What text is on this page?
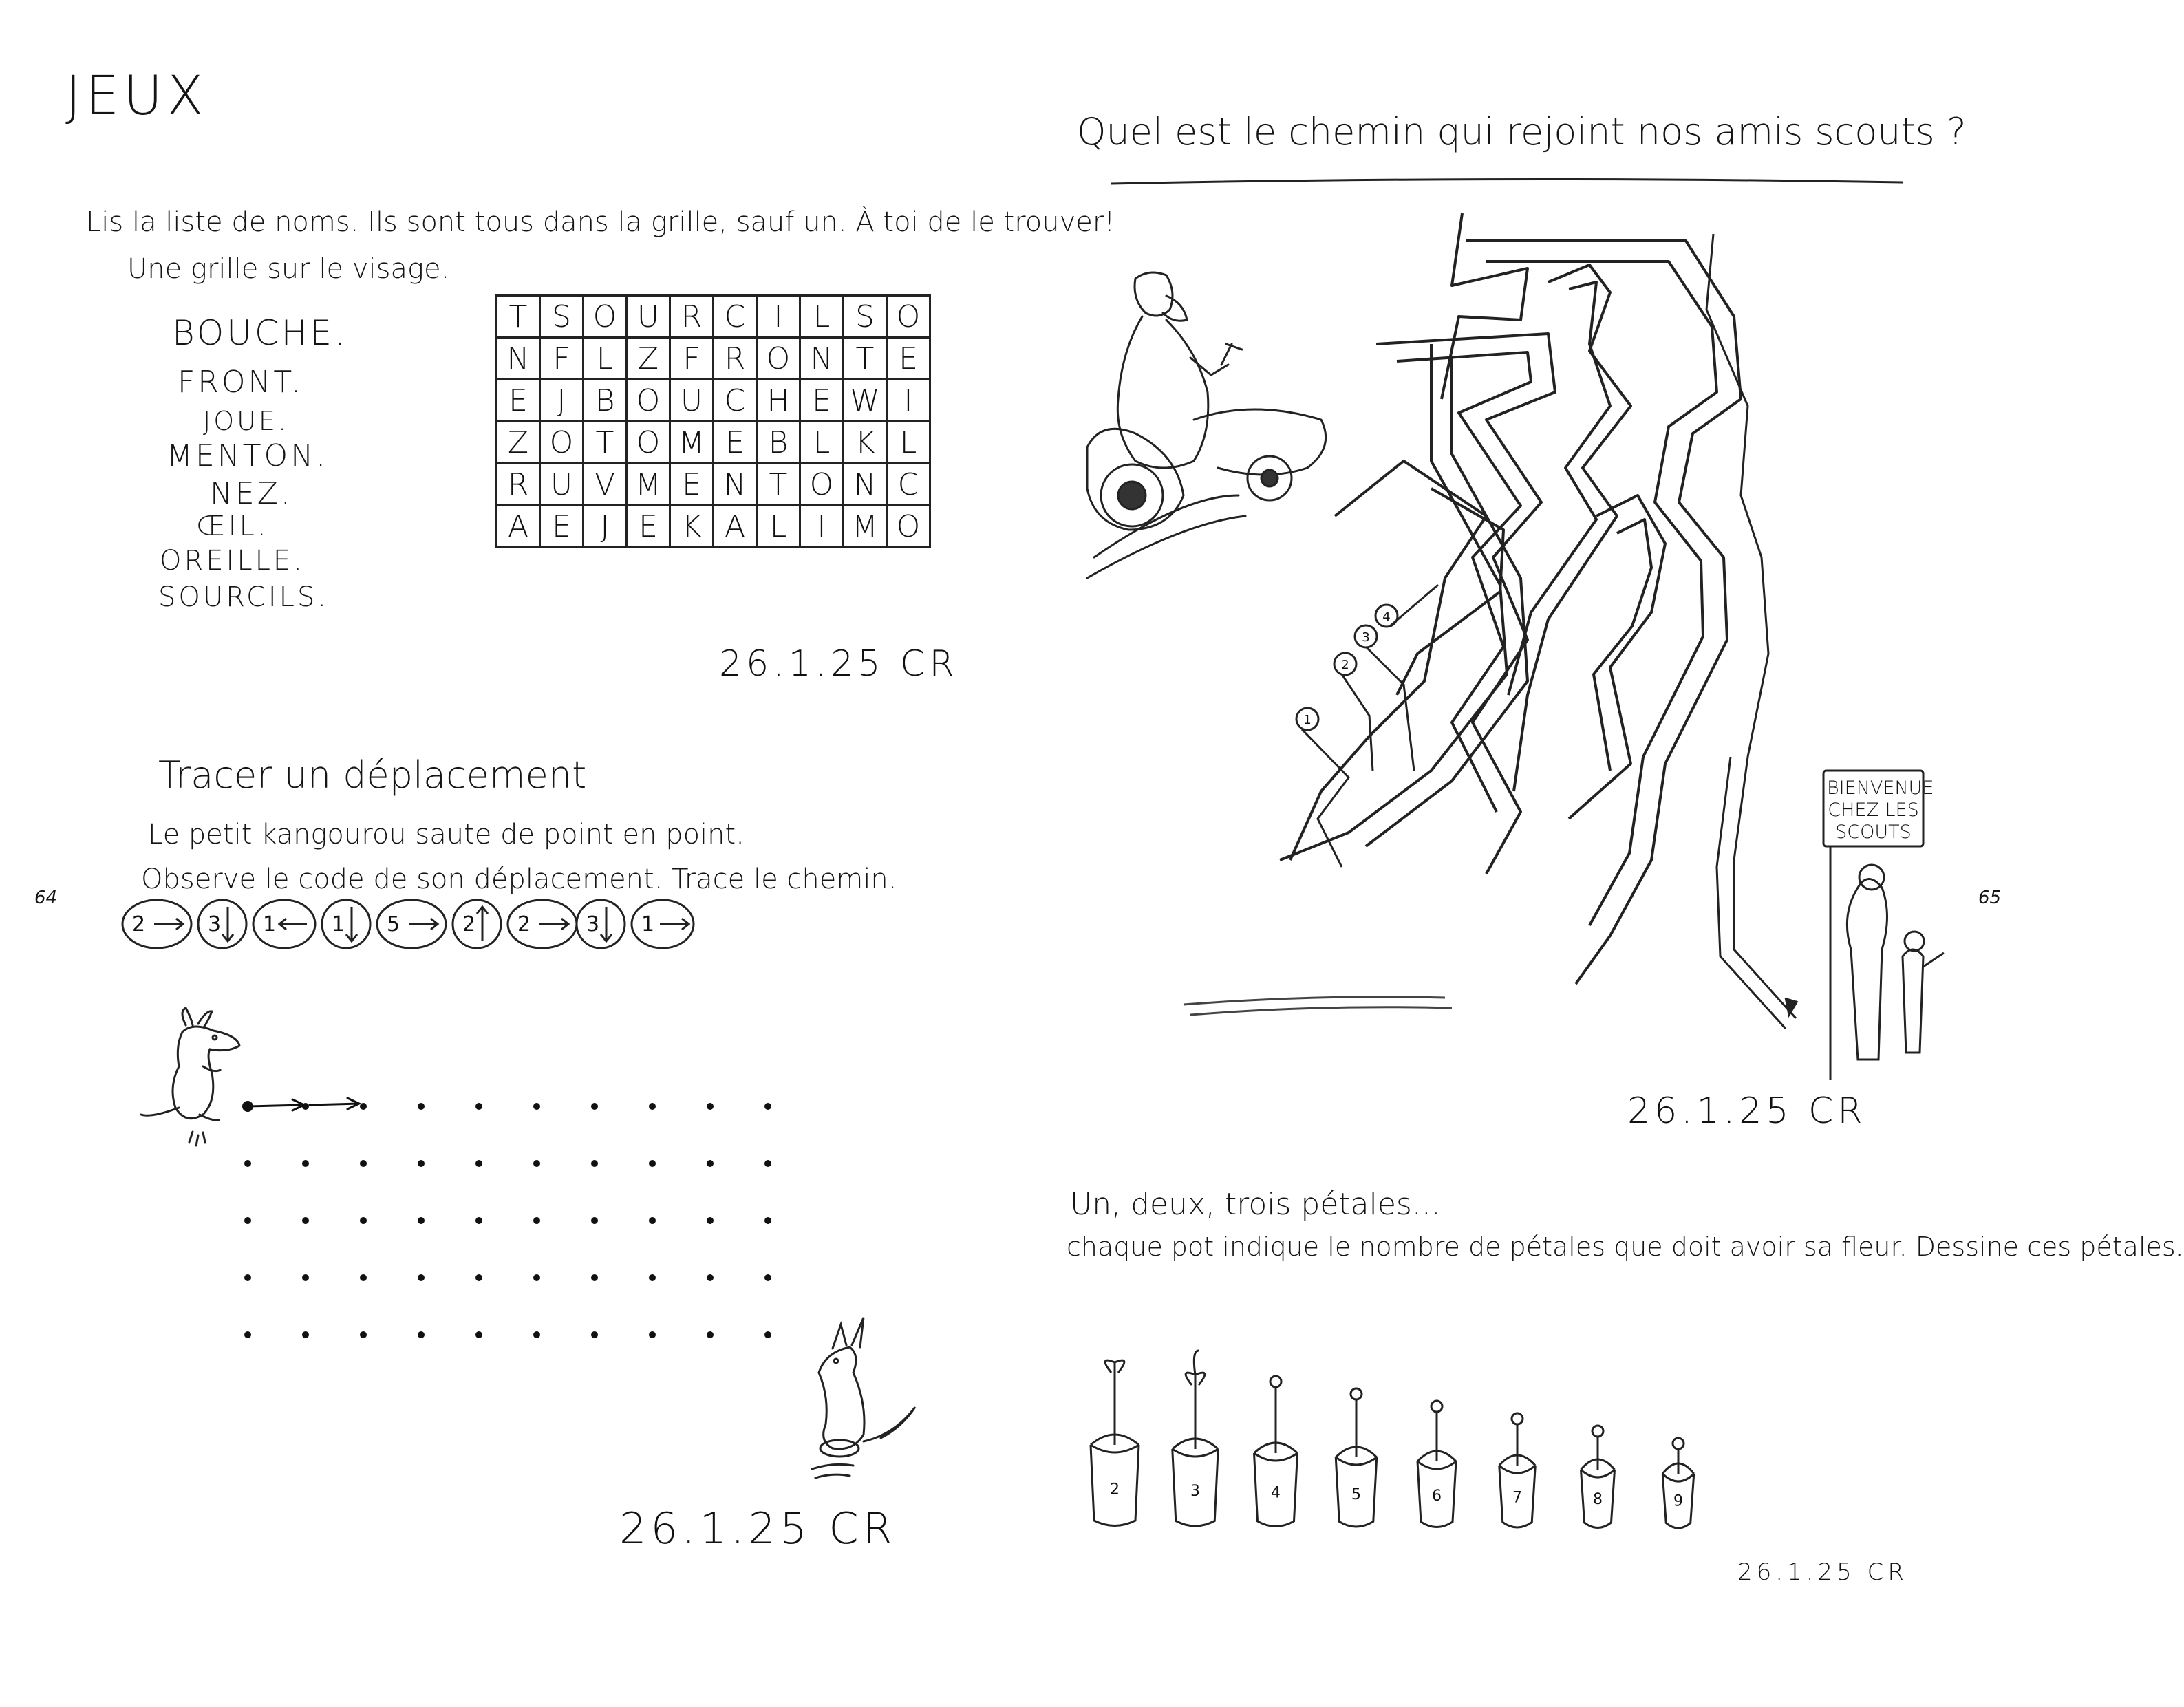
JEUX
Lis la liste de noms. Ils sont tous dans la grille, sauf un. À toi de le trouver!
Une grille sur le visage.
BOUCHE.
FRONT.
JOUE.
MENTON.
NEZ.
ŒIL.
OREILLE.
SOURCILS.
T	S	O	U	R	C	I	L	S	O
N	F	L	Z	F	R	O	N	T	E
E	J	B	O	U	C	H	E	W	I
Z	O	T	O	M	E	B	L	K	L
R	U	V	M	E	N	T	O	N	C
A	E	J	E	K	A	L	I	M	O
26.1.25 CR
Tracer un déplacement
Le petit kangourou saute de point en point.
Observe le code de son déplacement. Trace le chemin.
2	3 1	1 5	2 2	3 1
26.1.25 CR
64	65
Quel est le chemin qui rejoint nos amis scouts ?
1
2
3
4
BIENVENUE
CHEZ LES
SCOUTS
26.1.25 CR
Un, deux, trois pétales...
chaque pot indique le nombre de pétales que doit avoir sa fleur. Dessine ces pétales.
2	3	4	5	6	7	8	9
26.1.25 CR
